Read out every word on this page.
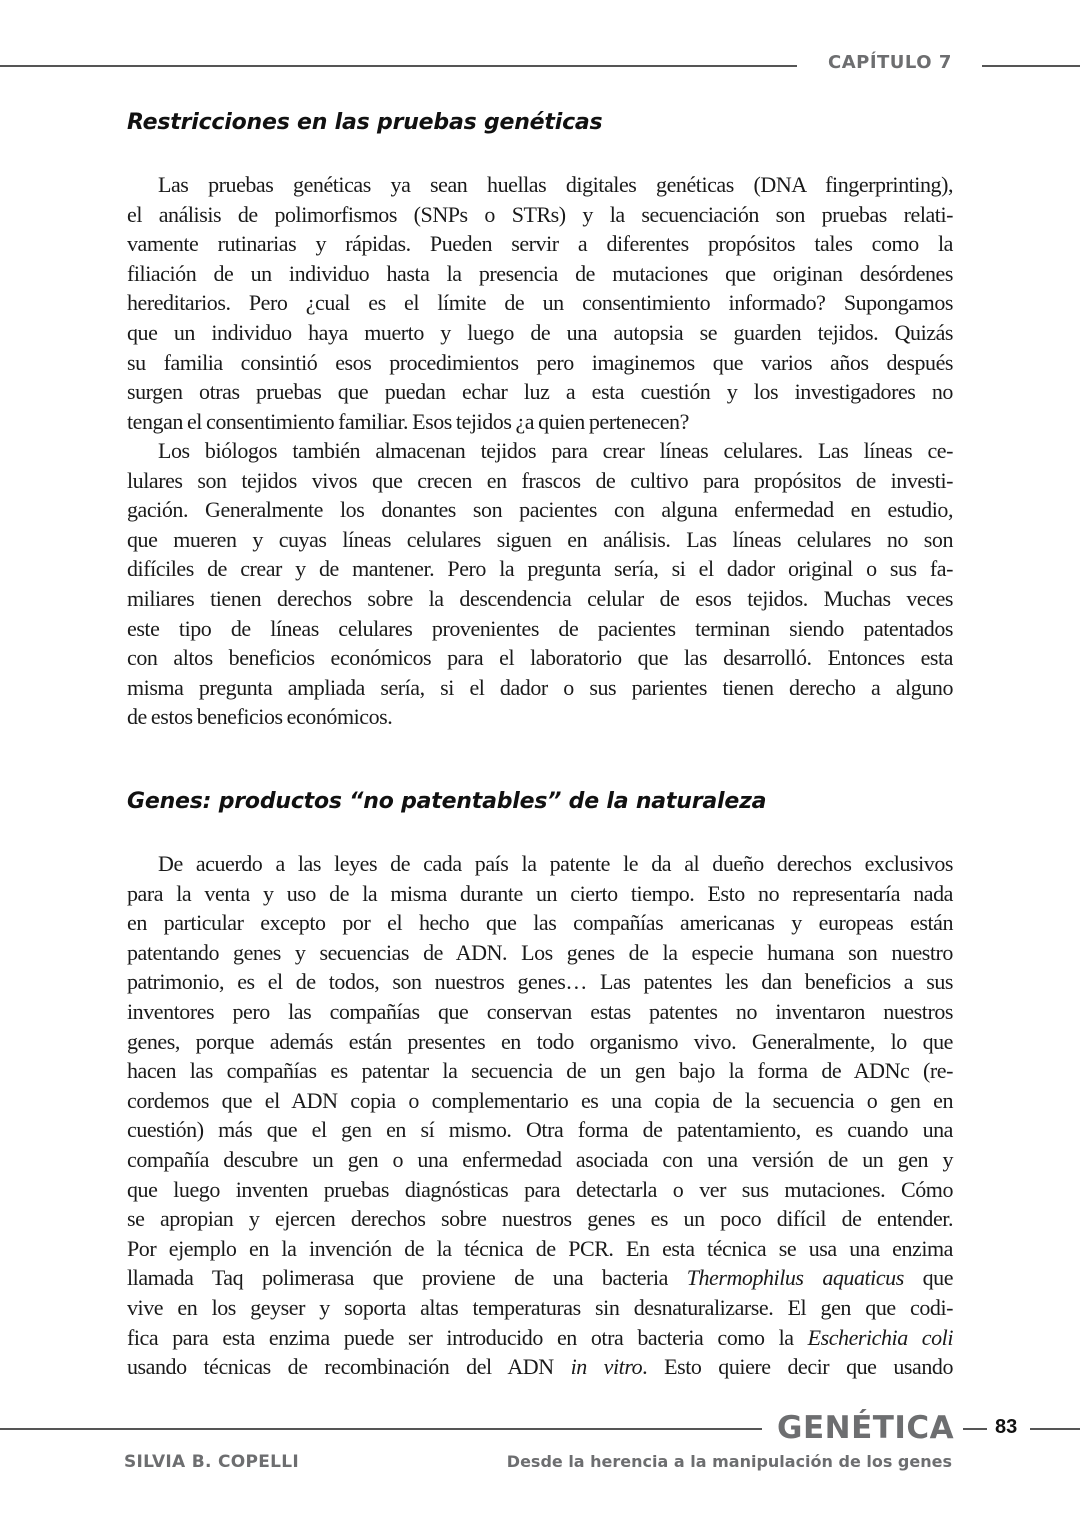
CAPÍTULO 7
Restricciones en las pruebas genéticas
Las pruebas genéticas ya sean huellas digitales genéticas (DNA fingerprinting),
el análisis de polimorfismos (SNPs o STRs) y la secuenciación son pruebas relati-
vamente rutinarias y rápidas. Pueden servir a diferentes propósitos tales como la
filiación de un individuo hasta la presencia de mutaciones que originan desórdenes
hereditarios. Pero ¿cual es el límite de un consentimiento informado? Supongamos
que un individuo haya muerto y luego de una autopsia se guarden tejidos. Quizás
su familia consintió esos procedimientos pero imaginemos que varios años después
surgen otras pruebas que puedan echar luz a esta cuestión y los investigadores no
tengan el consentimiento familiar. Esos tejidos ¿a quien pertenecen?
Los biólogos también almacenan tejidos para crear líneas celulares. Las líneas ce-
lulares son tejidos vivos que crecen en frascos de cultivo para propósitos de investi-
gación. Generalmente los donantes son pacientes con alguna enfermedad en estudio,
que mueren y cuyas líneas celulares siguen en análisis. Las líneas celulares no son
difíciles de crear y de mantener. Pero la pregunta sería, si el dador original o sus fa-
miliares tienen derechos sobre la descendencia celular de esos tejidos. Muchas veces
este tipo de líneas celulares provenientes de pacientes terminan siendo patentados
con altos beneficios económicos para el laboratorio que las desarrolló. Entonces esta
misma pregunta ampliada sería, si el dador o sus parientes tienen derecho a alguno
de estos beneficios económicos.
Genes: productos “no patentables” de la naturaleza
De acuerdo a las leyes de cada país la patente le da al dueño derechos exclusivos
para la venta y uso de la misma durante un cierto tiempo. Esto no representaría nada
en particular excepto por el hecho que las compañías americanas y europeas están
patentando genes y secuencias de ADN. Los genes de la especie humana son nuestro
patrimonio, es el de todos, son nuestros genes… Las patentes les dan beneficios a sus
inventores pero las compañías que conservan estas patentes no inventaron nuestros
genes, porque además están presentes en todo organismo vivo. Generalmente, lo que
hacen las compañías es patentar la secuencia de un gen bajo la forma de ADNc (re-
cordemos que el ADN copia o complementario es una copia de la secuencia o gen en
cuestión) más que el gen en sí mismo. Otra forma de patentamiento, es cuando una
compañía descubre un gen o una enfermedad asociada con una versión de un gen y
que luego inventen pruebas diagnósticas para detectarla o ver sus mutaciones. Cómo
se apropian y ejercen derechos sobre nuestros genes es un poco difícil de entender.
Por ejemplo en la invención de la técnica de PCR. En esta técnica se usa una enzima
llamada Taq polimerasa que proviene de una bacteria Thermophilus aquaticus que
vive en los geyser y soporta altas temperaturas sin desnaturalizarse. El gen que codi-
fica para esta enzima puede ser introducido en otra bacteria como la Escherichia coli
usando técnicas de recombinación del ADN in vitro. Esto quiere decir que usando
GENÉTICA 83
SILVIA B. COPELLI	Desde la herencia a la manipulación de los genes
